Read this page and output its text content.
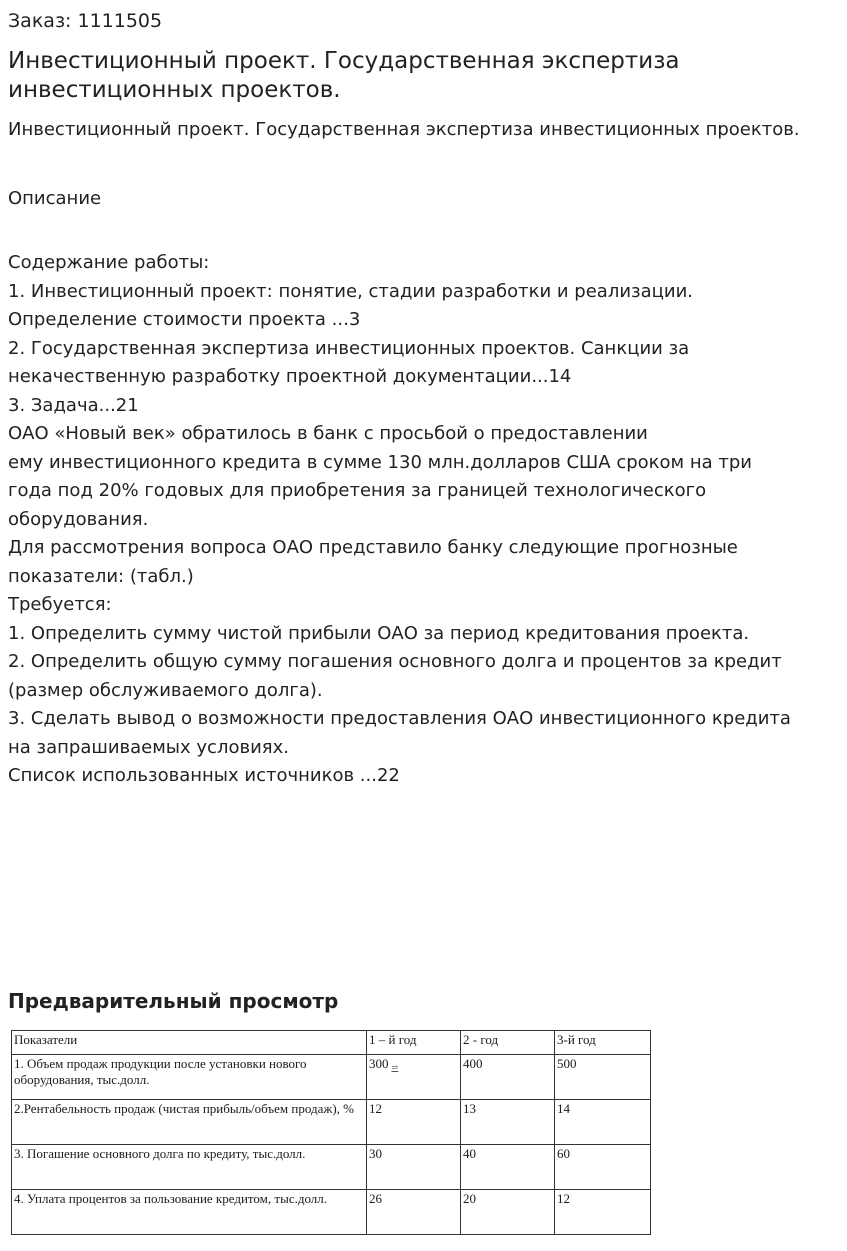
Заказ: 1111505

Инвестиционный проект. Государственная экспертиза инвестиционных проектов.

Инвестиционный проект. Государственная экспертиза инвестиционных проектов.

Описание

Содержание работы:
1. Инвестиционный проект: понятие, стадии разработки и реализации.
Определение стоимости проекта ...3
2. Государственная экспертиза инвестиционных проектов. Санкции за
некачественную разработку проектной документации...14
3. Задача...21
ОАО «Новый век» обратилось в банк с просьбой о предоставлении
ему инвестиционного кредита в сумме 130 млн.долларов США сроком на три
года под 20% годовых для приобретения за границей технологического
оборудования.
Для рассмотрения вопроса ОАО представило банку следующие прогнозные
показатели: (табл.)
Требуется:
1. Определить сумму чистой прибыли ОАО за период кредитования проекта.
2. Определить общую сумму погашения основного долга и процентов за кредит
(размер обслуживаемого долга).
3. Сделать вывод о возможности предоставления ОАО инвестиционного кредита
на запрашиваемых условиях.
Список использованных источников ...22
Предварительный просмотр
Показатели	1 – й год	2 - год	3-й год
1. Объем продаж продукции после установки нового оборудования, тыс.долл.	300 ⇌	400	500
2.Рентабельность продаж (чистая прибыль/объем продаж), %	12	13	14
3. Погашение основного долга по кредиту, тыс.долл.	30	40	60
4. Уплата процентов за пользование кредитом, тыс.долл.	26	20	12
